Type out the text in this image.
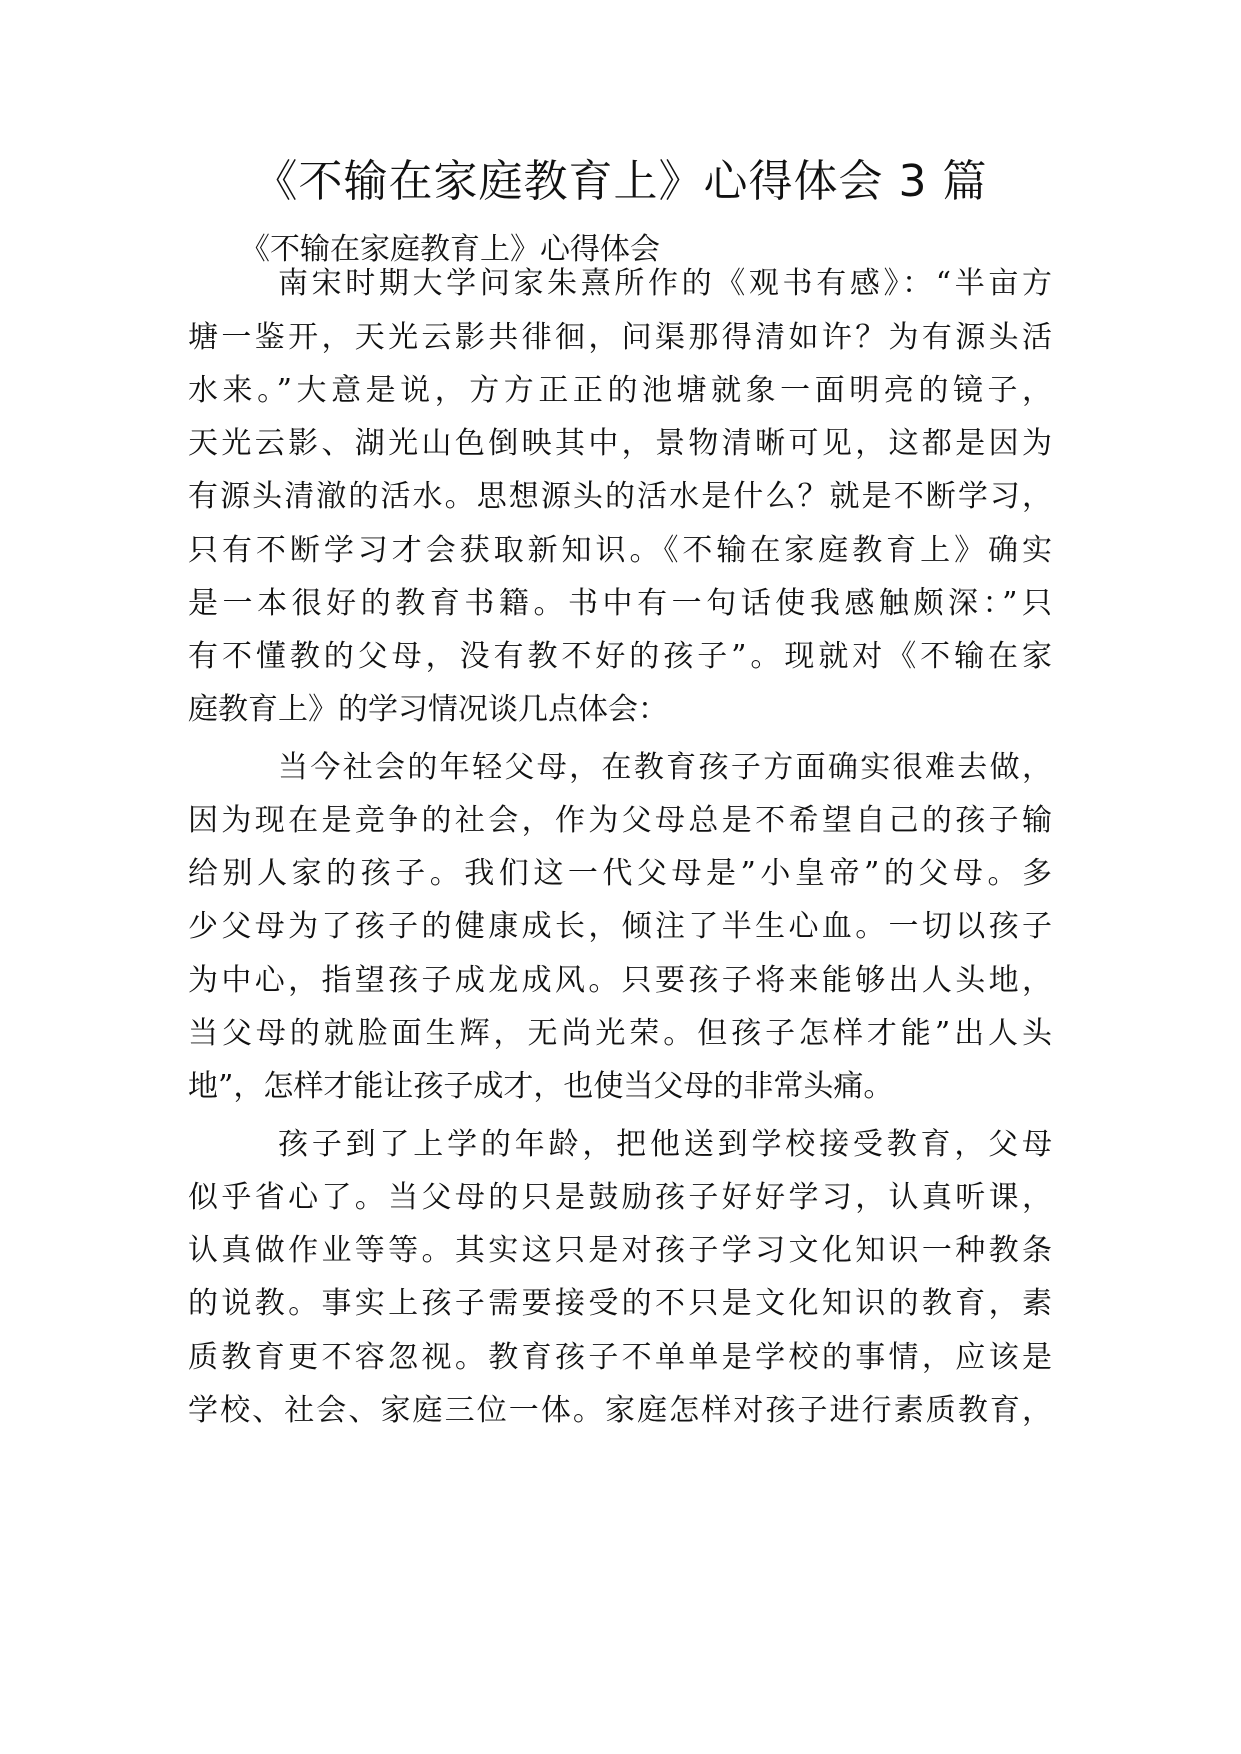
《不输在家庭教育上》心得体会 3 篇

《不输在家庭教育上》心得体会

南宋时期大学问家朱熹所作的《观书有感》：“半亩方

塘一鉴开，天光云影共徘徊，问渠那得清如许？为有源头活

水来。”大意是说，方方正正的池塘就象一面明亮的镜子，

天光云影、湖光山色倒映其中，景物清晰可见，这都是因为

有源头清澈的活水。思想源头的活水是什么？就是不断学习，

只有不断学习才会获取新知识。《不输在家庭教育上》确实

是一本很好的教育书籍。书中有一句话使我感触颇深：”只

有不懂教的父母，没有教不好的孩子”。现就对《不输在家

庭教育上》的学习情况谈几点体会：

当今社会的年轻父母，在教育孩子方面确实很难去做，

因为现在是竞争的社会，作为父母总是不希望自己的孩子输

给别人家的孩子。我们这一代父母是”小皇帝”的父母。多

少父母为了孩子的健康成长，倾注了半生心血。一切以孩子

为中心，指望孩子成龙成风。只要孩子将来能够出人头地，

当父母的就脸面生辉，无尚光荣。但孩子怎样才能”出人头

地”，怎样才能让孩子成才，也使当父母的非常头痛。

孩子到了上学的年龄，把他送到学校接受教育，父母

似乎省心了。当父母的只是鼓励孩子好好学习，认真听课，

认真做作业等等。其实这只是对孩子学习文化知识一种教条

的说教。事实上孩子需要接受的不只是文化知识的教育，素

质教育更不容忽视。教育孩子不单单是学校的事情，应该是

学校、社会、家庭三位一体。家庭怎样对孩子进行素质教育，
